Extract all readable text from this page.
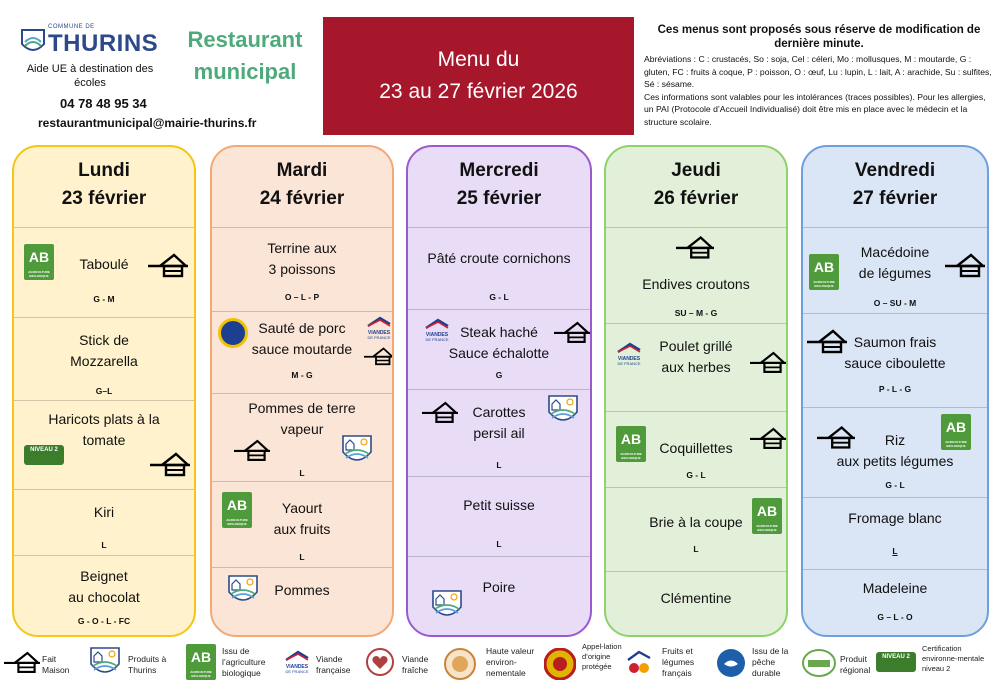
COMMUNE DE
THURINS
Aide UE à destination des écoles
04 78 48 95 34
restaurantmunicipal@mairie-thurins.fr
Restaurant
municipal	Menu du
23 au 27 février 2026
Ces menus sont proposés sous réserve de modification de dernière minute.
Abréviations : C : crustacés, So : soja, Cel : céleri, Mo : mollusques, M : moutarde, G : gluten, FC : fruits à coque, P : poisson, O : œuf, Lu : lupin, L : lait, A : arachide, Su : sulfites, Sé : sésame.
Ces informations sont valables pour les intolérances (traces possibles). Pour les allergies, un PAI (Protocole d’Accueil Individualisé) doit être mis en place avec le médecin et la structure scolaire.
Lundi
23 février
AB
AGRICULTURE BIOLOGIQUE
Taboulé
G - M
Stick de
Mozzarella
G–L
Haricots plats à la
tomate
NIVEAU 2
Kiri
L
Beignet
au chocolat
G - O - L - FC
Mardi
24 février
Terrine aux
3 poissons
O – L - P
Sauté de porc
sauce moutarde
M - G
Pommes de terre
vapeur
L
AB
AGRICULTURE BIOLOGIQUE
Yaourt
aux fruits
L
Pommes
Mercredi
25 février
Pâté croute cornichons
G - L
Steak haché
Sauce échalotte
G
Carottes
persil ail
L
Petit suisse
L
Poire
Jeudi
26 février
Endives croutons
SU – M - G
Poulet grillé
aux herbes
AB
AGRICULTURE BIOLOGIQUE
Coquillettes
G - L
Brie à la coupe
AB
AGRICULTURE BIOLOGIQUE
L
Clémentine
Vendredi
27 février
AB
AGRICULTURE BIOLOGIQUE
Macédoine
de légumes
O – SU - M
Saumon frais
sauce ciboulette
P - L - G
Riz
aux petits légumes
AB
AGRICULTURE BIOLOGIQUE
G - L
Fromage blanc
L
Madeleine
G – L - O
Fait Maison
Produits à Thurins
AB
AGRICULTURE BIOLOGIQUE
Issu de l’agriculture biologique
Viande française
Viande fraîche
Haute valeur environ-nementale
Appel-lation d’origine protégée
Fruits et légumes français
Issu de la pêche durable
Produit régional
NIVEAU 2
Certification environne-mentale niveau 2
